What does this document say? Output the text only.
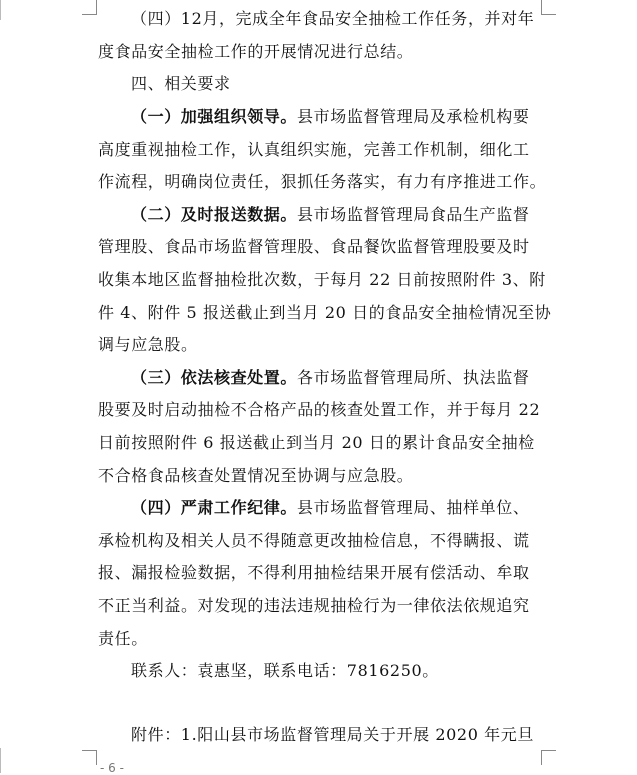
（四）12月，完成全年食品安全抽检工作任务，并对年
度食品安全抽检工作的开展情况进行总结。
四、相关要求
（一）加强组织领导。县市场监督管理局及承检机构要
高度重视抽检工作，认真组织实施，完善工作机制，细化工
作流程，明确岗位责任，狠抓任务落实，有力有序推进工作。
（二）及时报送数据。县市场监督管理局食品生产监督
管理股、食品市场监督管理股、食品餐饮监督管理股要及时
收集本地区监督抽检批次数，于每月 22 日前按照附件 3、附
件 4、附件 5 报送截止到当月 20 日的食品安全抽检情况至协
调与应急股。
（三）依法核查处置。各市场监督管理局所、执法监督
股要及时启动抽检不合格产品的核查处置工作，并于每月 22
日前按照附件 6 报送截止到当月 20 日的累计食品安全抽检
不合格食品核查处置情况至协调与应急股。
（四）严肃工作纪律。县市场监督管理局、抽样单位、
承检机构及相关人员不得随意更改抽检信息，不得瞒报、谎
报、漏报检验数据，不得利用抽检结果开展有偿活动、牟取
不正当利益。对发现的违法违规抽检行为一律依法依规追究
责任。
联系人：袁惠坚，联系电话：7816250。
附件：1.阳山县市场监督管理局关于开展 2020 年元旦
- 6 -
